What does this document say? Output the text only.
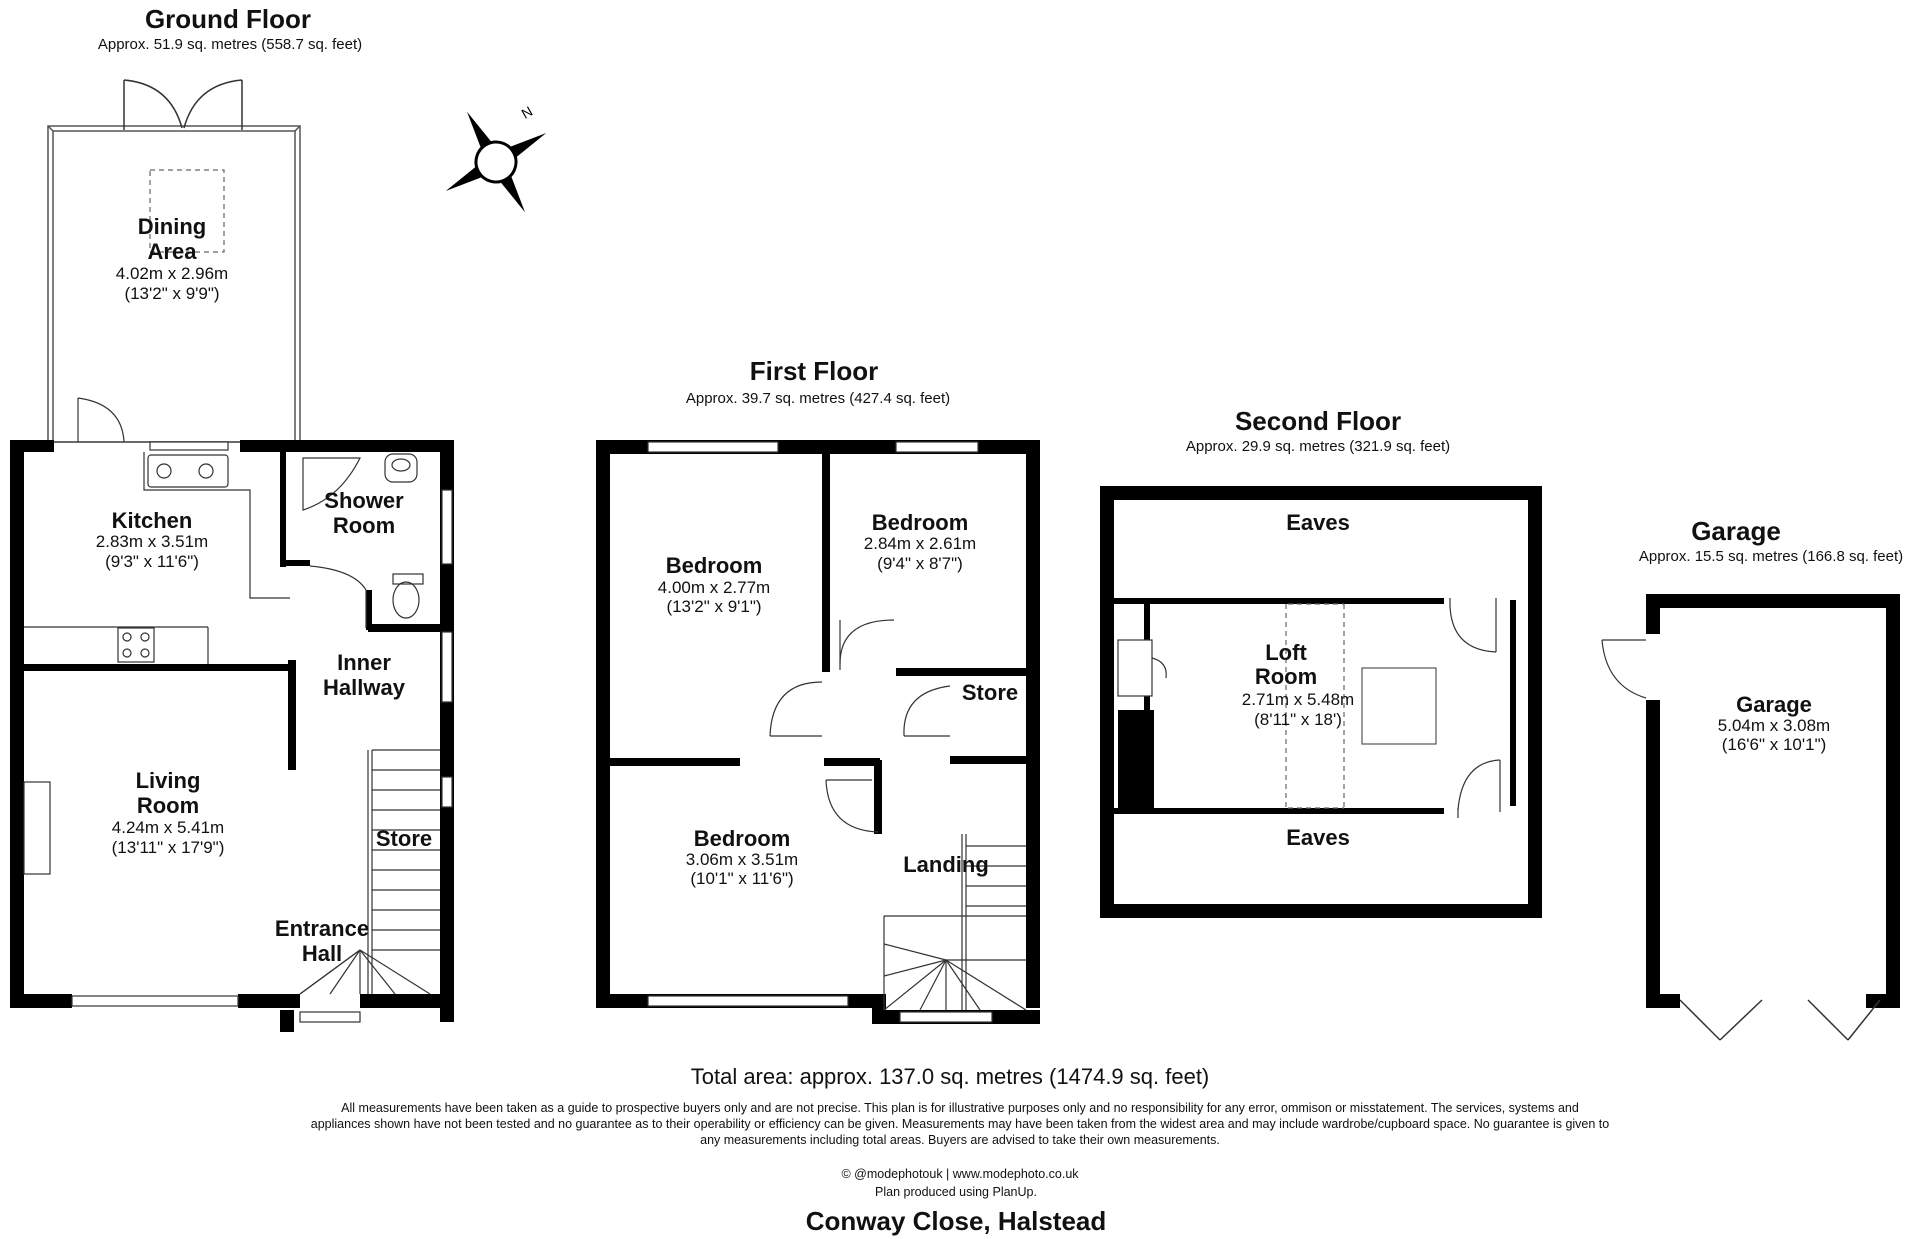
N
Ground Floor
Approx. 51.9 sq. metres (558.7 sq. feet)
Dining
Area
4.02m x 2.96m
(13'2" x 9'9")
Kitchen
2.83m x 3.51m
(9'3" x 11'6")
Shower
Room
Inner
Hallway
Living
Room
4.24m x 5.41m
(13'11" x 17'9")	Store
Entrance
Hall
First Floor
Approx. 39.7 sq. metres (427.4 sq. feet)
Bedroom
4.00m x 2.77m
(13'2" x 9'1")
Bedroom
2.84m x 2.61m
(9'4" x 8'7")
Store
Bedroom
3.06m x 3.51m
(10'1" x 11'6")
Landing
Second Floor
Approx. 29.9 sq. metres (321.9 sq. feet)
Eaves
Loft
Room
2.71m x 5.48m
(8'11" x 18')
Eaves
Garage
Approx. 15.5 sq. metres (166.8 sq. feet)
Garage
5.04m x 3.08m
(16'6" x 10'1")
Total area: approx. 137.0 sq. metres (1474.9 sq. feet)
All measurements have been taken as a guide to prospective buyers only and are not precise. This plan is for illustrative purposes only and no responsibility for any error, ommison or misstatement. The services, systems and appliances shown have not been tested and no guarantee as to their operability or efficiency can be given. Measurements may have been taken from the widest area and may include wardrobe/cupboard space. No guarantee is given to any measurements including total areas. Buyers are advised to take their own measurements.
© @modephotouk | www.modephoto.co.uk
Plan produced using PlanUp.
Conway Close, Halstead
